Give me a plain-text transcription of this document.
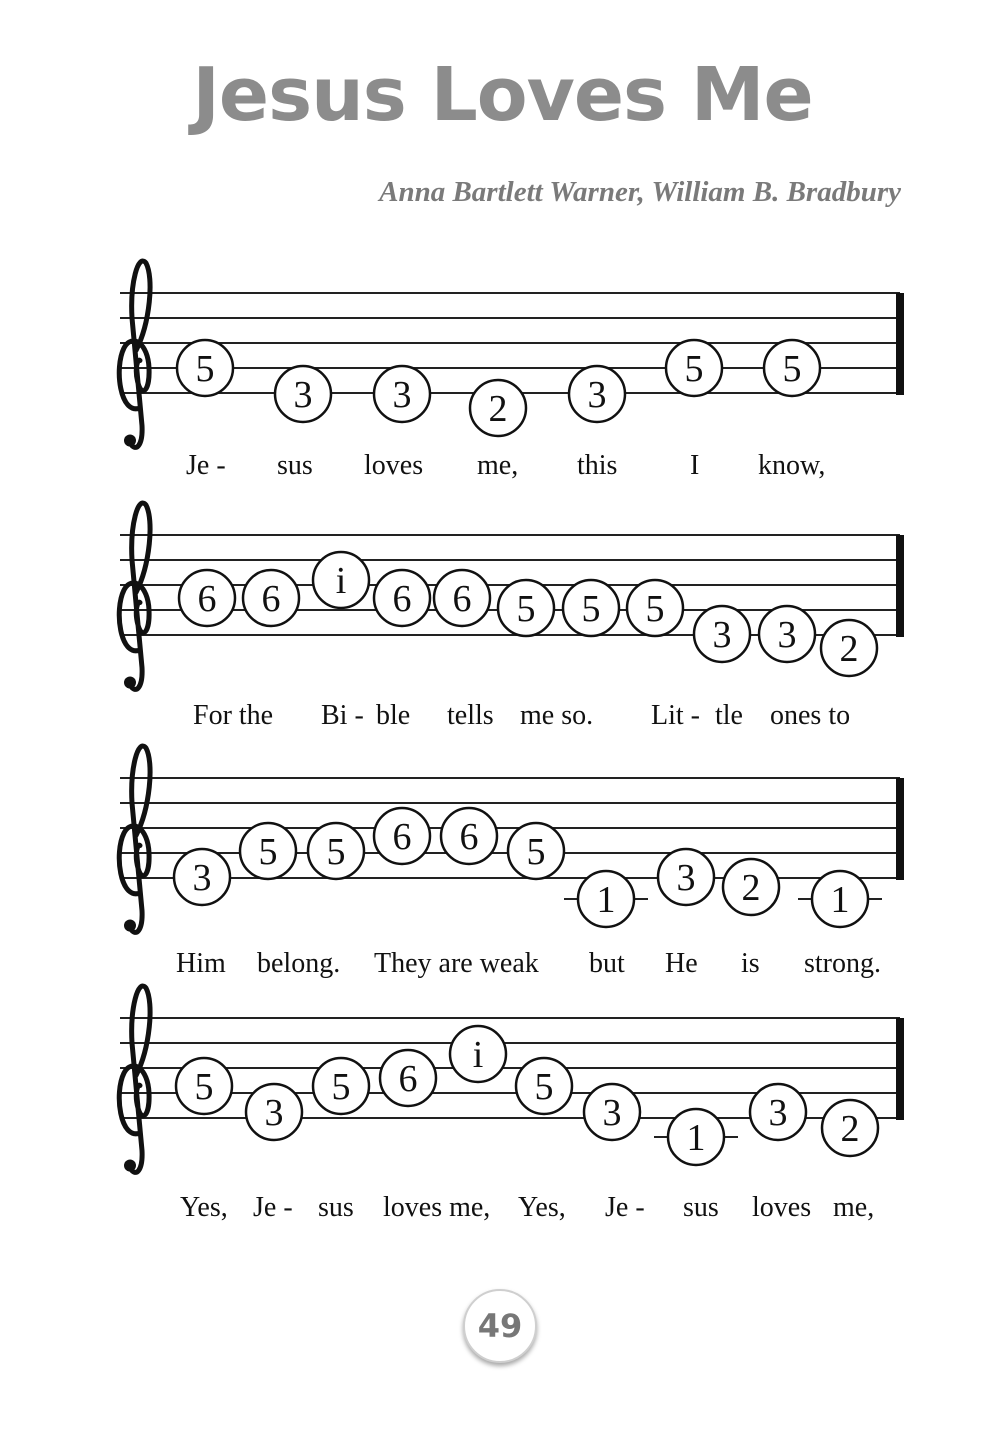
Jesus Loves Me
Anna Bartlett Warner, William B. Bradbury
5
3 3 2 3
5 5
Je - sus loves me, this	I know,
6 6 i 6 6 5 5 5
3 3 2
For the Bi - ble tells me so. Lit - tle ones to
3
5 5 6 6 5
1
3 2 1
Him belong. They are weak but He is strong.
5
3
5 6
i
5
3
1
3 2
Yes, Je - sus loves me, Yes, Je - sus loves me,
49
